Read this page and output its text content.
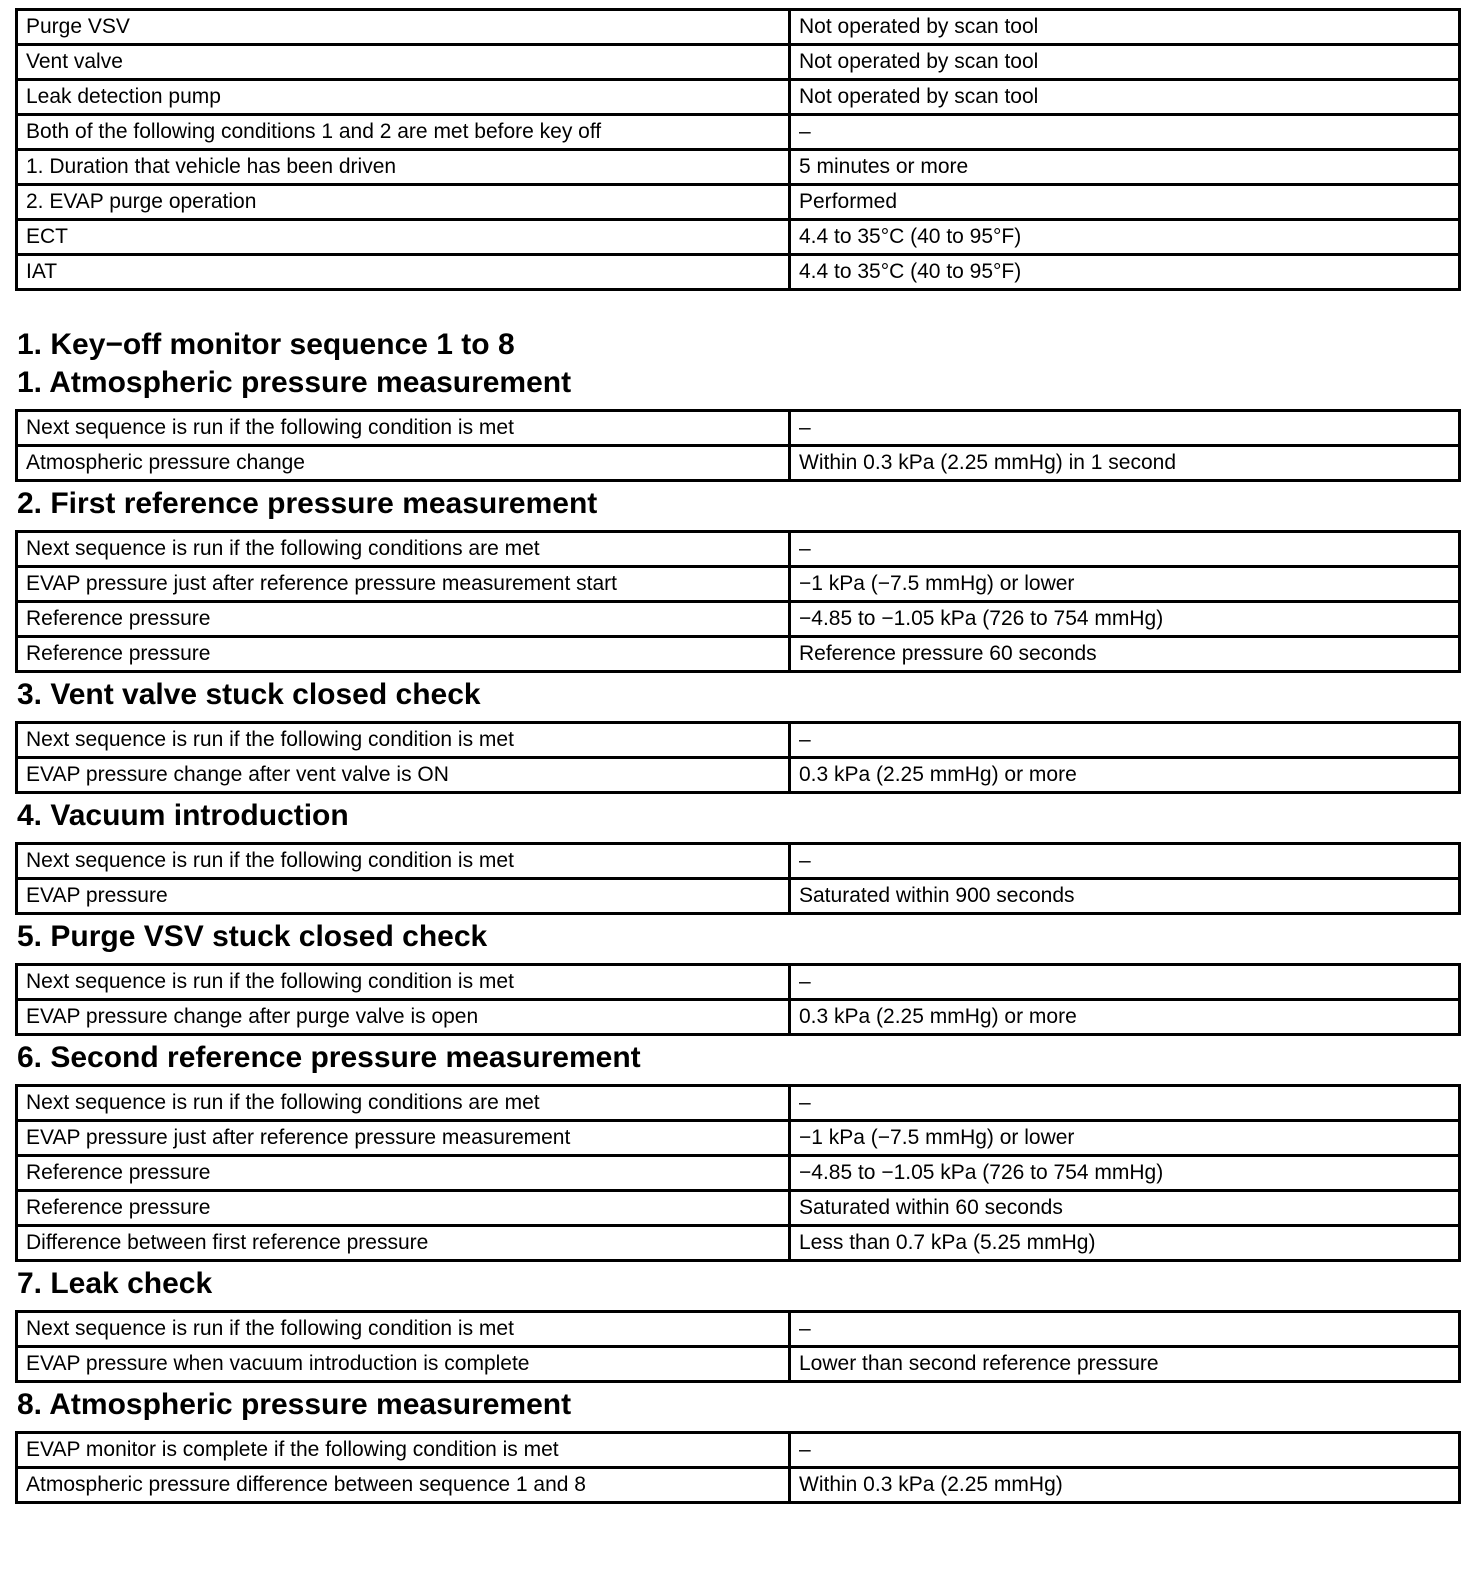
Purge VSV	Not operated by scan tool
Vent valve	Not operated by scan tool
Leak detection pump	Not operated by scan tool
Both of the following conditions 1 and 2 are met before key off	–
1. Duration that vehicle has been driven	5 minutes or more
2. EVAP purge operation	Performed
ECT	4.4 to 35°C (40 to 95°F)
IAT	4.4 to 35°C (40 to 95°F)
1. Key−off monitor sequence 1 to 8
1. Atmospheric pressure measurement
Next sequence is run if the following condition is met	–
Atmospheric pressure change	Within 0.3 kPa (2.25 mmHg) in 1 second
2. First reference pressure measurement
Next sequence is run if the following conditions are met	–
EVAP pressure just after reference pressure measurement start	−1 kPa (−7.5 mmHg) or lower
Reference pressure	−4.85 to −1.05 kPa (726 to 754 mmHg)
Reference pressure	Reference pressure 60 seconds
3. Vent valve stuck closed check
Next sequence is run if the following condition is met	–
EVAP pressure change after vent valve is ON	0.3 kPa (2.25 mmHg) or more
4. Vacuum introduction
Next sequence is run if the following condition is met	–
EVAP pressure	Saturated within 900 seconds
5. Purge VSV stuck closed check
Next sequence is run if the following condition is met	–
EVAP pressure change after purge valve is open	0.3 kPa (2.25 mmHg) or more
6. Second reference pressure measurement
Next sequence is run if the following conditions are met	–
EVAP pressure just after reference pressure measurement	−1 kPa (−7.5 mmHg) or lower
Reference pressure	−4.85 to −1.05 kPa (726 to 754 mmHg)
Reference pressure	Saturated within 60 seconds
Difference between first reference pressure	Less than 0.7 kPa (5.25 mmHg)
7. Leak check
Next sequence is run if the following condition is met	–
EVAP pressure when vacuum introduction is complete	Lower than second reference pressure
8. Atmospheric pressure measurement
EVAP monitor is complete if the following condition is met	–
Atmospheric pressure difference between sequence 1 and 8	Within 0.3 kPa (2.25 mmHg)
